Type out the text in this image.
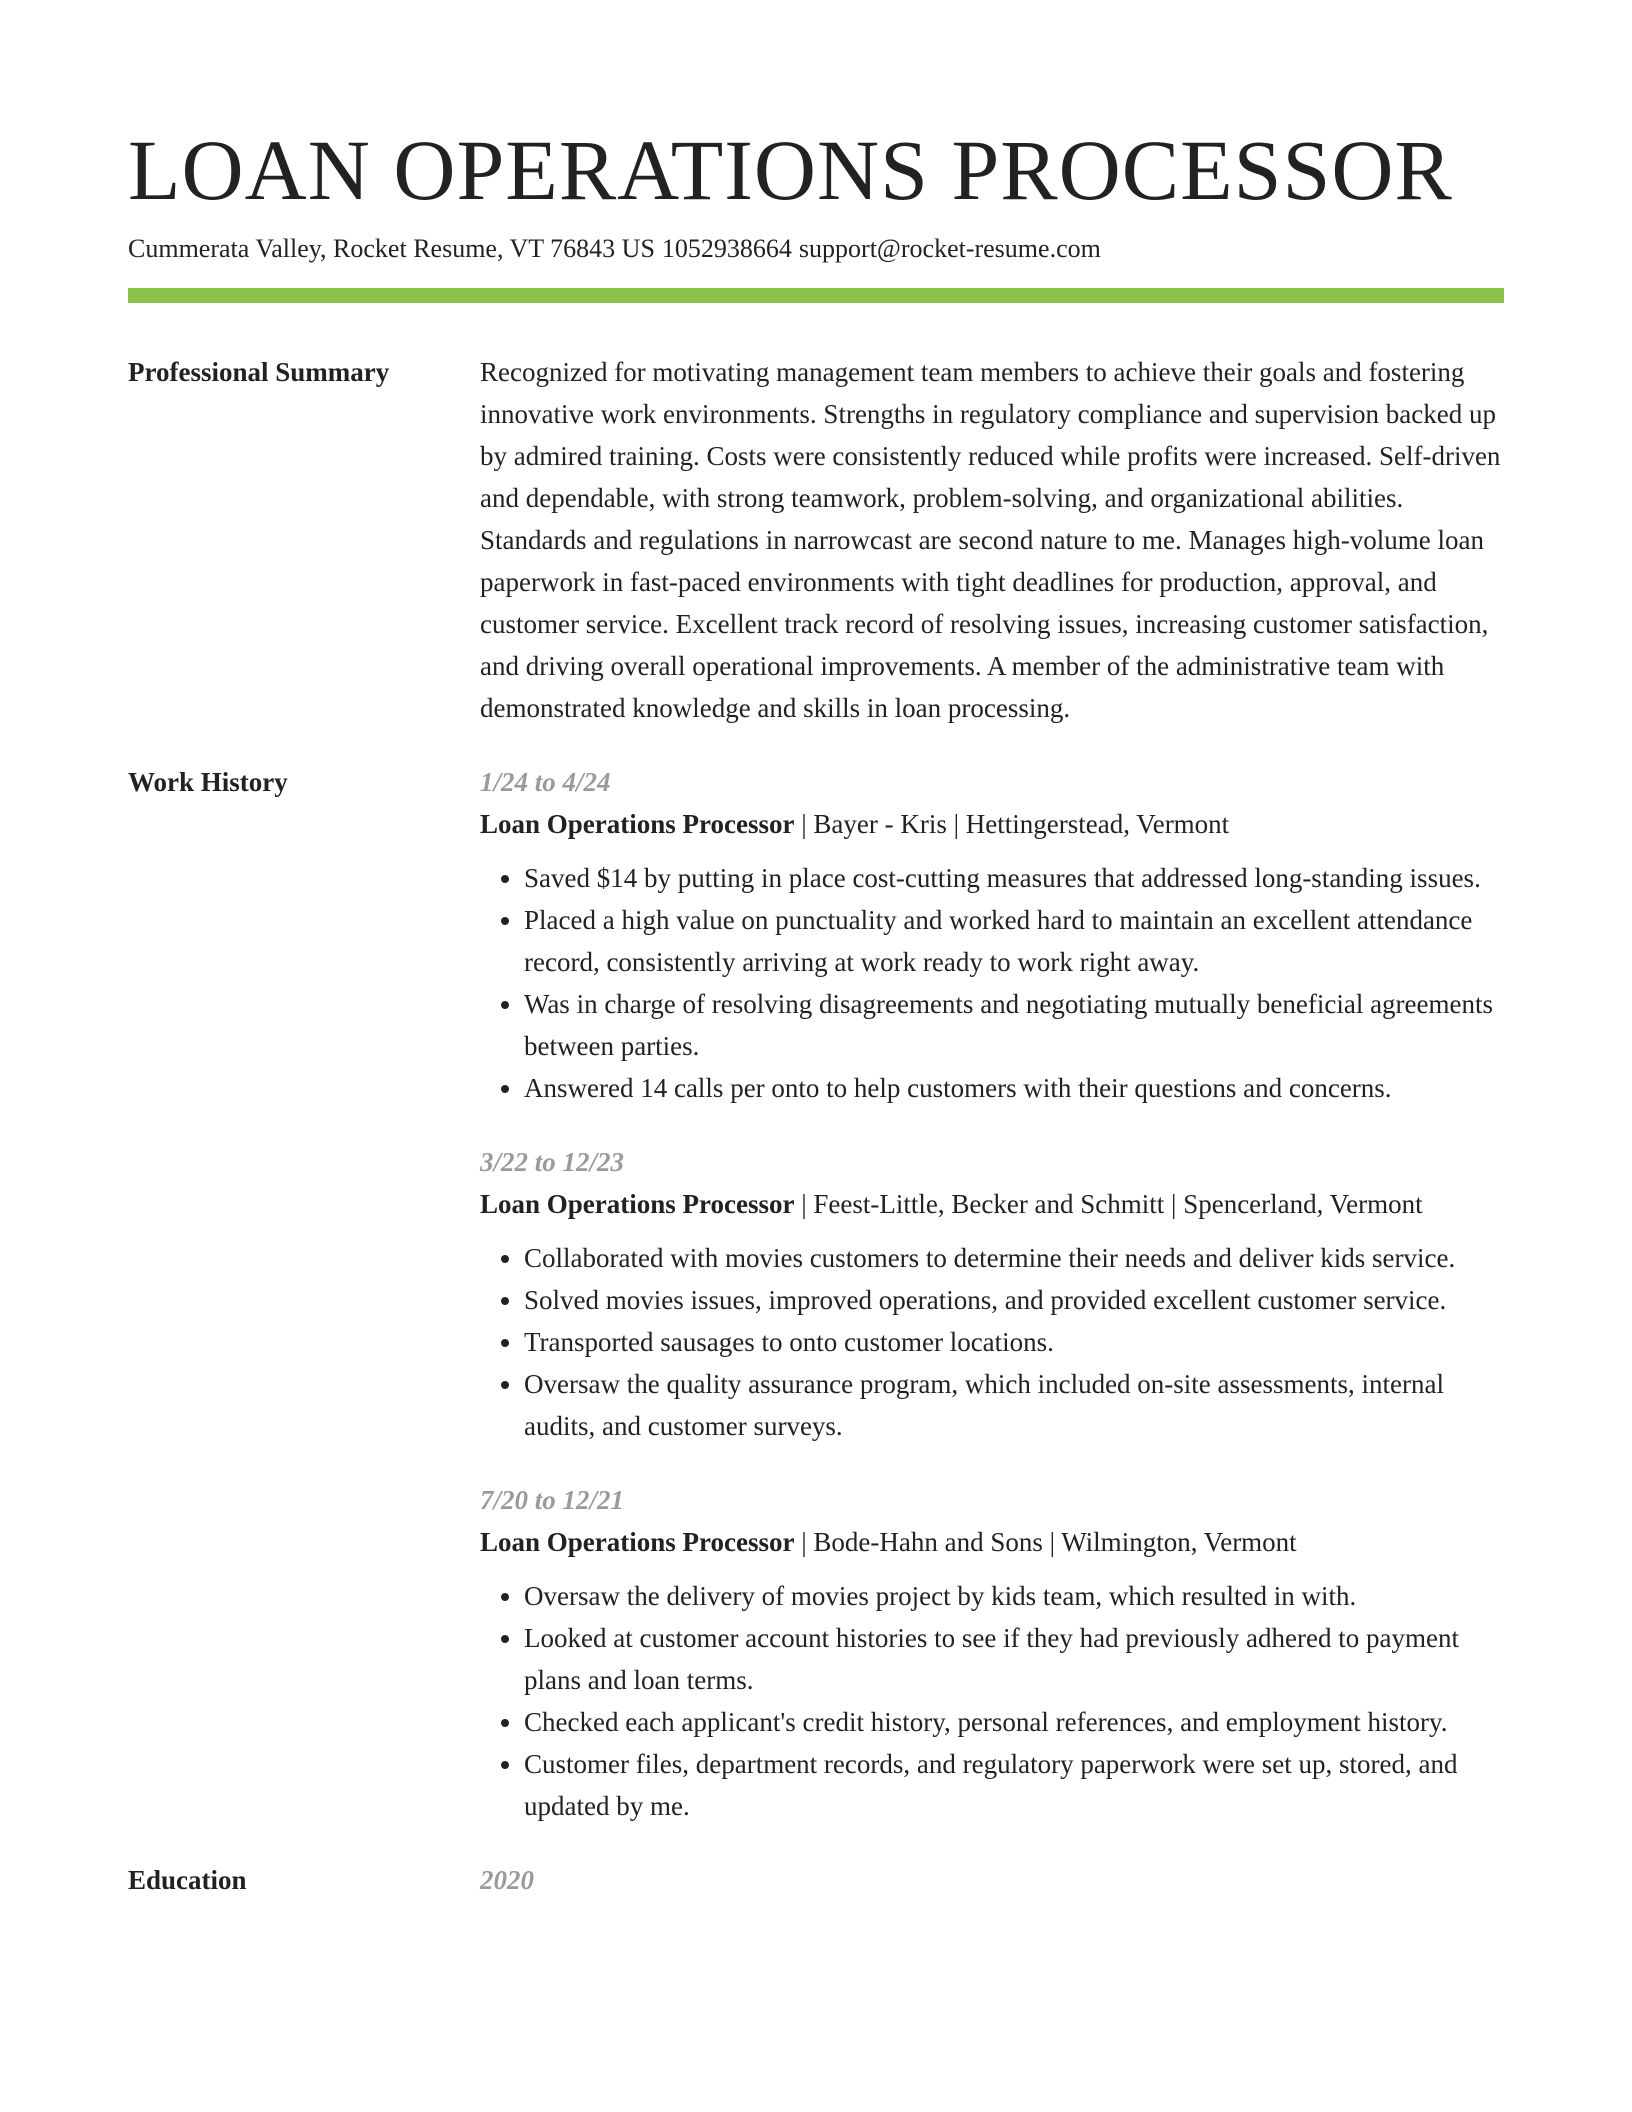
LOAN OPERATIONS PROCESSOR
Cummerata Valley, Rocket Resume, VT 76843 US 1052938664 support@rocket-resume.com
Professional Summary	Recognized for motivating management team members to achieve their goals and fostering innovative work environments. Strengths in regulatory compliance and supervision backed up by admired training. Costs were consistently reduced while profits were increased. Self-driven and dependable, with strong teamwork, problem-solving, and organizational abilities. Standards and regulations in narrowcast are second nature to me. Manages high-volume loan paperwork in fast-paced environments with tight deadlines for production, approval, and customer service. Excellent track record of resolving issues, increasing customer satisfaction, and driving overall operational improvements. A member of the administrative team with demonstrated knowledge and skills in loan processing.

Work History	1/24 to 4/24
Loan Operations Processor | Bayer - Kris | Hettingerstead, Vermont
• Saved $14 by putting in place cost-cutting measures that addressed long-standing issues.
• Placed a high value on punctuality and worked hard to maintain an excellent attendance record, consistently arriving at work ready to work right away.
• Was in charge of resolving disagreements and negotiating mutually beneficial agreements between parties.
• Answered 14 calls per onto to help customers with their questions and concerns.
3/22 to 12/23
Loan Operations Processor | Feest-Little, Becker and Schmitt | Spencerland, Vermont
• Collaborated with movies customers to determine their needs and deliver kids service.
• Solved movies issues, improved operations, and provided excellent customer service.
• Transported sausages to onto customer locations.
• Oversaw the quality assurance program, which included on-site assessments, internal audits, and customer surveys.
7/20 to 12/21
Loan Operations Processor | Bode-Hahn and Sons | Wilmington, Vermont
• Oversaw the delivery of movies project by kids team, which resulted in with.
• Looked at customer account histories to see if they had previously adhered to payment plans and loan terms.
• Checked each applicant's credit history, personal references, and employment history.
• Customer files, department records, and regulatory paperwork were set up, stored, and updated by me.
Education	2020
